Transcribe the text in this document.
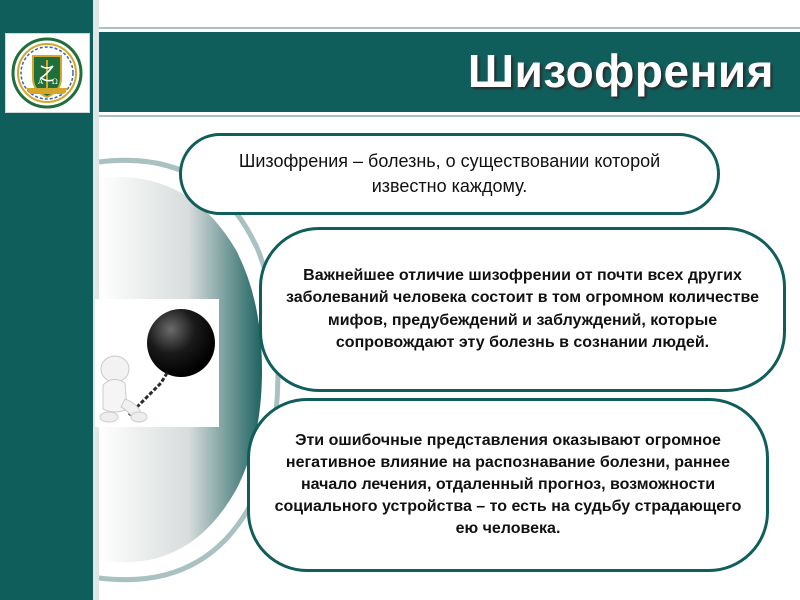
Α Ω	Шизофрения

Шизофрения – болезнь, о существовании которой известно каждому.

Важнейшее отличие шизофрении от почти всех других заболеваний человека состоит в том огромном количестве мифов, предубеждений и заблуждений, которые сопровождают эту болезнь в сознании людей.

Эти ошибочные представления оказывают огромное негативное влияние на распознавание болезни, раннее начало лечения, отдаленный прогноз, возможности социального устройства – то есть на судьбу страдающего ею человека.
